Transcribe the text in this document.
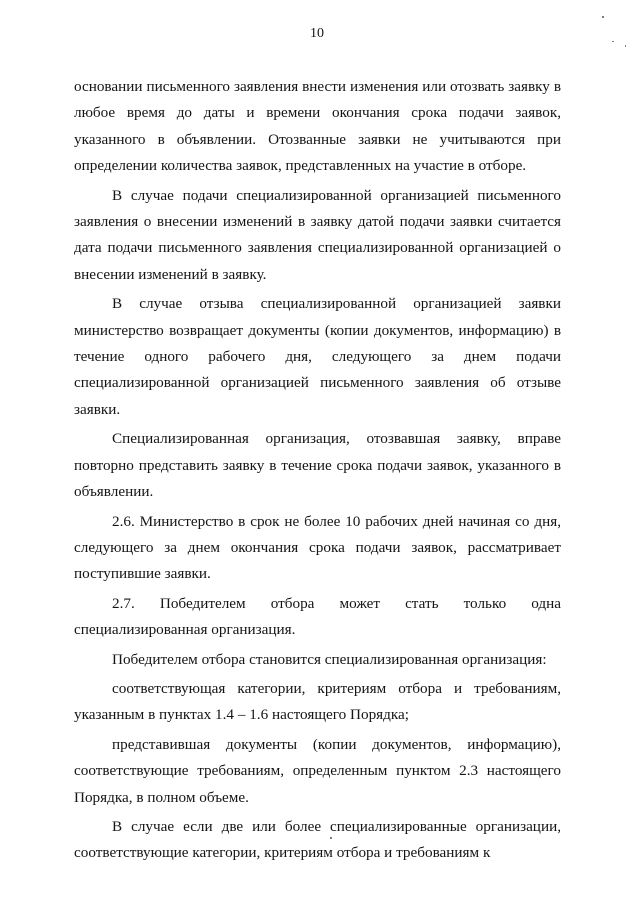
10

основании письменного заявления внести изменения или отозвать заявку в любое время до даты и времени окончания срока подачи заявок, указанного в объявлении. Отозванные заявки не учитываются при определении количества заявок, представленных на участие в отборе.

В случае подачи специализированной организацией письменного заявления о внесении изменений в заявку датой подачи заявки считается дата подачи письменного заявления специализированной организацией о внесении изменений в заявку.

В случае отзыва специализированной организацией заявки министерство возвращает документы (копии документов, информацию) в течение одного рабочего дня, следующего за днем подачи специализированной организацией письменного заявления об отзыве заявки.

Специализированная организация, отозвавшая заявку, вправе повторно представить заявку в течение срока подачи заявок, указанного в объявлении.

2.6. Министерство в срок не более 10 рабочих дней начиная со дня, следующего за днем окончания срока подачи заявок, рассматривает поступившие заявки.

2.7. Победителем отбора может стать только одна специализированная организация.

Победителем отбора становится специализированная организация:

соответствующая категории, критериям отбора и требованиям, указанным в пунктах 1.4 – 1.6 настоящего Порядка;

представившая документы (копии документов, информацию), соответствующие требованиям, определенным пунктом 2.3 настоящего Порядка, в полном объеме.

В случае если две или более специализированные организации, соответствующие категории, критериям отбора и требованиям к
